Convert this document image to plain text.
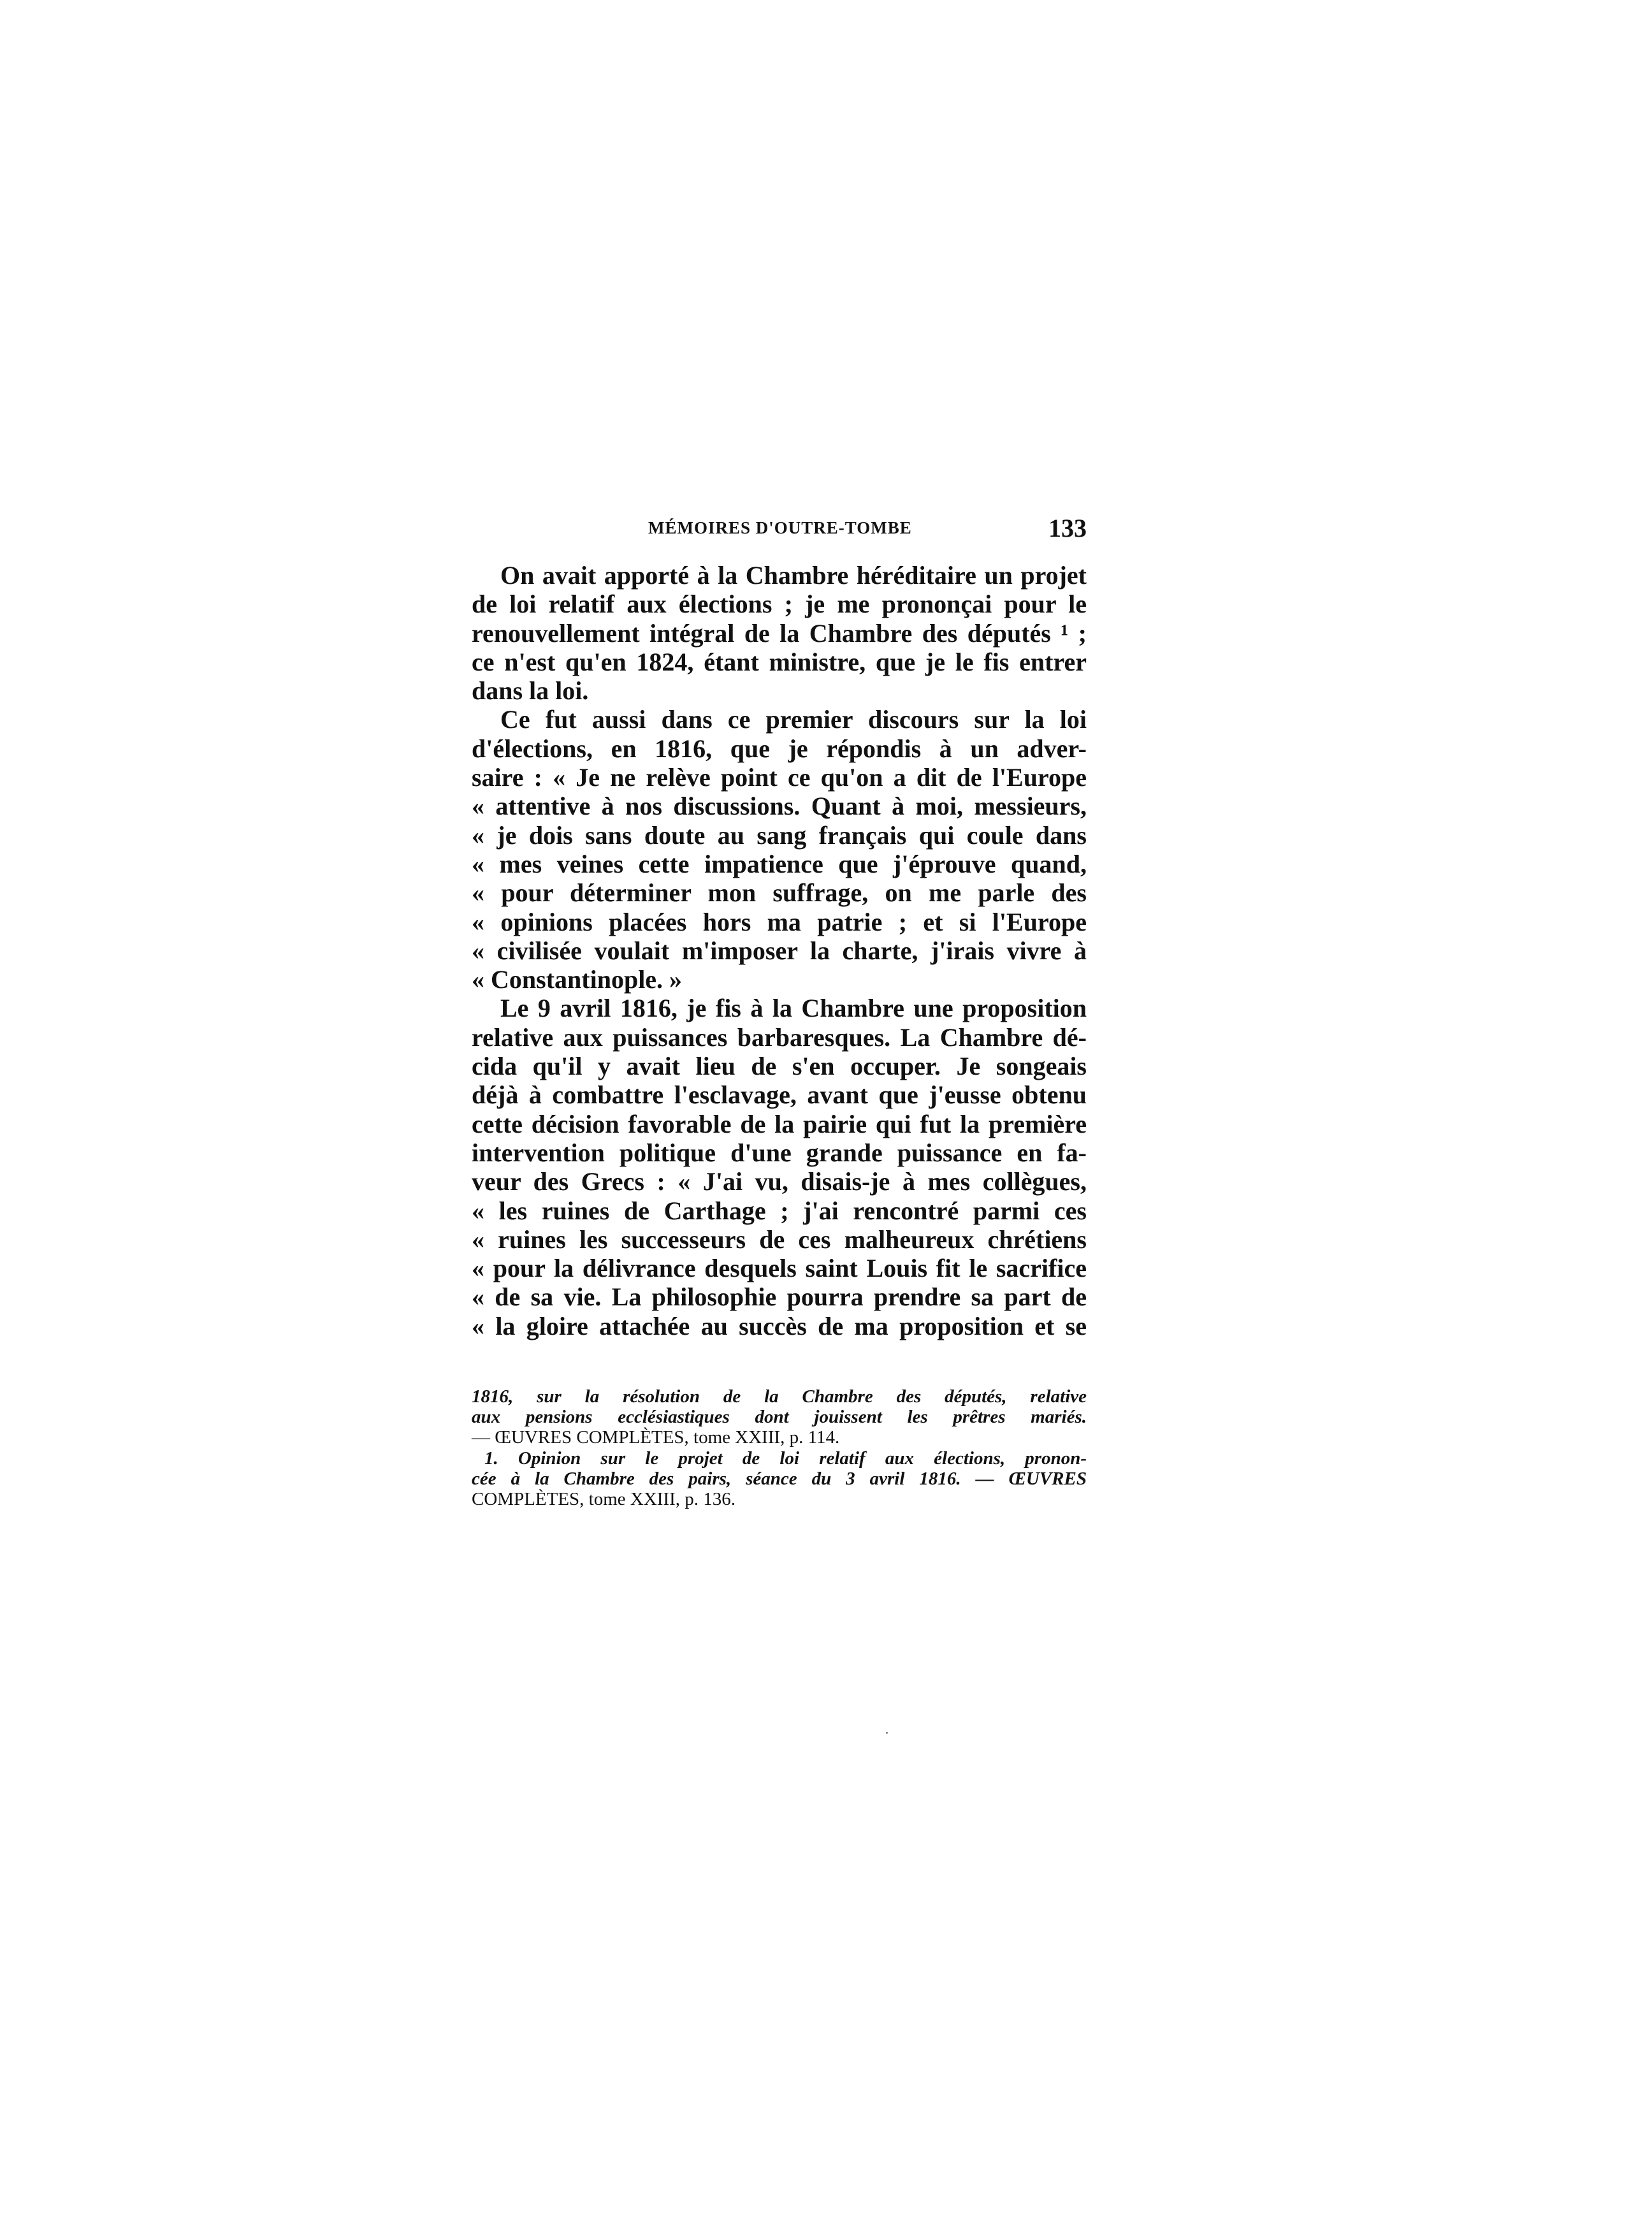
MÉMOIRES D'OUTRE-TOMBE	133
On avait apporté à la Chambre héréditaire un projet
de loi relatif aux élections ; je me prononçai pour le
renouvellement intégral de la Chambre des députés ¹ ;
ce n'est qu'en 1824, étant ministre, que je le fis entrer
dans la loi.
Ce fut aussi dans ce premier discours sur la loi
d'élections, en 1816, que je répondis à un adver-
saire : « Je ne relève point ce qu'on a dit de l'Europe
« attentive à nos discussions. Quant à moi, messieurs,
« je dois sans doute au sang français qui coule dans
« mes veines cette impatience que j'éprouve quand,
« pour déterminer mon suffrage, on me parle des
« opinions placées hors ma patrie ; et si l'Europe
« civilisée voulait m'imposer la charte, j'irais vivre à
« Constantinople. »
Le 9 avril 1816, je fis à la Chambre une proposition
relative aux puissances barbaresques. La Chambre dé-
cida qu'il y avait lieu de s'en occuper. Je songeais
déjà à combattre l'esclavage, avant que j'eusse obtenu
cette décision favorable de la pairie qui fut la première
intervention politique d'une grande puissance en fa-
veur des Grecs : « J'ai vu, disais-je à mes collègues,
« les ruines de Carthage ; j'ai rencontré parmi ces
« ruines les successeurs de ces malheureux chrétiens
« pour la délivrance desquels saint Louis fit le sacrifice
« de sa vie. La philosophie pourra prendre sa part de
« la gloire attachée au succès de ma proposition et se
1816, sur la résolution de la Chambre des députés, relative
aux pensions ecclésiastiques dont jouissent les prêtres mariés.
— ŒUVRES COMPLÈTES, tome XXIII, p. 114.
1. Opinion sur le projet de loi relatif aux élections, pronon-
cée à la Chambre des pairs, séance du 3 avril 1816. — ŒUVRES
COMPLÈTES, tome XXIII, p. 136.
